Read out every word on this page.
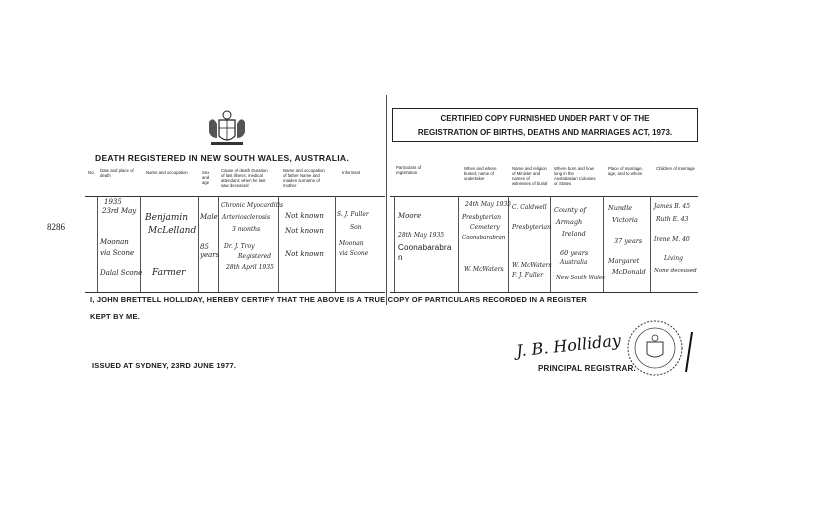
DEATH REGISTERED IN NEW SOUTH WALES, AUSTRALIA.
CERTIFIED COPY FURNISHED UNDER PART V OF THE
REGISTRATION OF BIRTHS, DEATHS AND MARRIAGES ACT, 1973.
No. Date and place of death
Name and occupation	Sex and age
Cause of death Duration of last illness; medical attendant; when he last saw deceased
Name and occupation of father Name and maiden surname of mother
Informant
Particulars of registration
When and where buried; name of undertaker
Name and religion of Minister and names of witnesses of burial
Where born and how long in the Australasian Colonies or States
Place of marriage, age, and to whom
Children of marriage
8286
1935
23rd May
Moonan
via Scone
Dalal Scone
Benjamin
McLelland
Farmer
Male
85 years
Chronic Myocarditis
Arteriosclerosis
3 months
Dr. J. Troy
Registered
28th April 1935
Not known
Not known
Not known
S. J. Fuller
Son
Moonan
via Scone
Moore
28th May 1935
Coonabarabran
24th May 1935
Presbyterian
Cemetery
Coonabarabran
W. McWaters
C. Caldwell
Presbyterian
W. McWaters
F. J. Fuller
County of
Armagh
Ireland
60 years
Australia
New South Wales
Nundle
Victoria
37 years
Margaret
McDonald
James B. 45
Ruth E. 43
Irene M. 40
Living
None deceased
I, JOHN BRETTELL HOLLIDAY, HEREBY CERTIFY THAT THE ABOVE IS A TRUE COPY OF PARTICULARS RECORDED IN A REGISTER
KEPT BY ME.
ISSUED AT SYDNEY, 23RD JUNE 1977.
J. B. Holliday
PRINCIPAL REGISTRAR.
